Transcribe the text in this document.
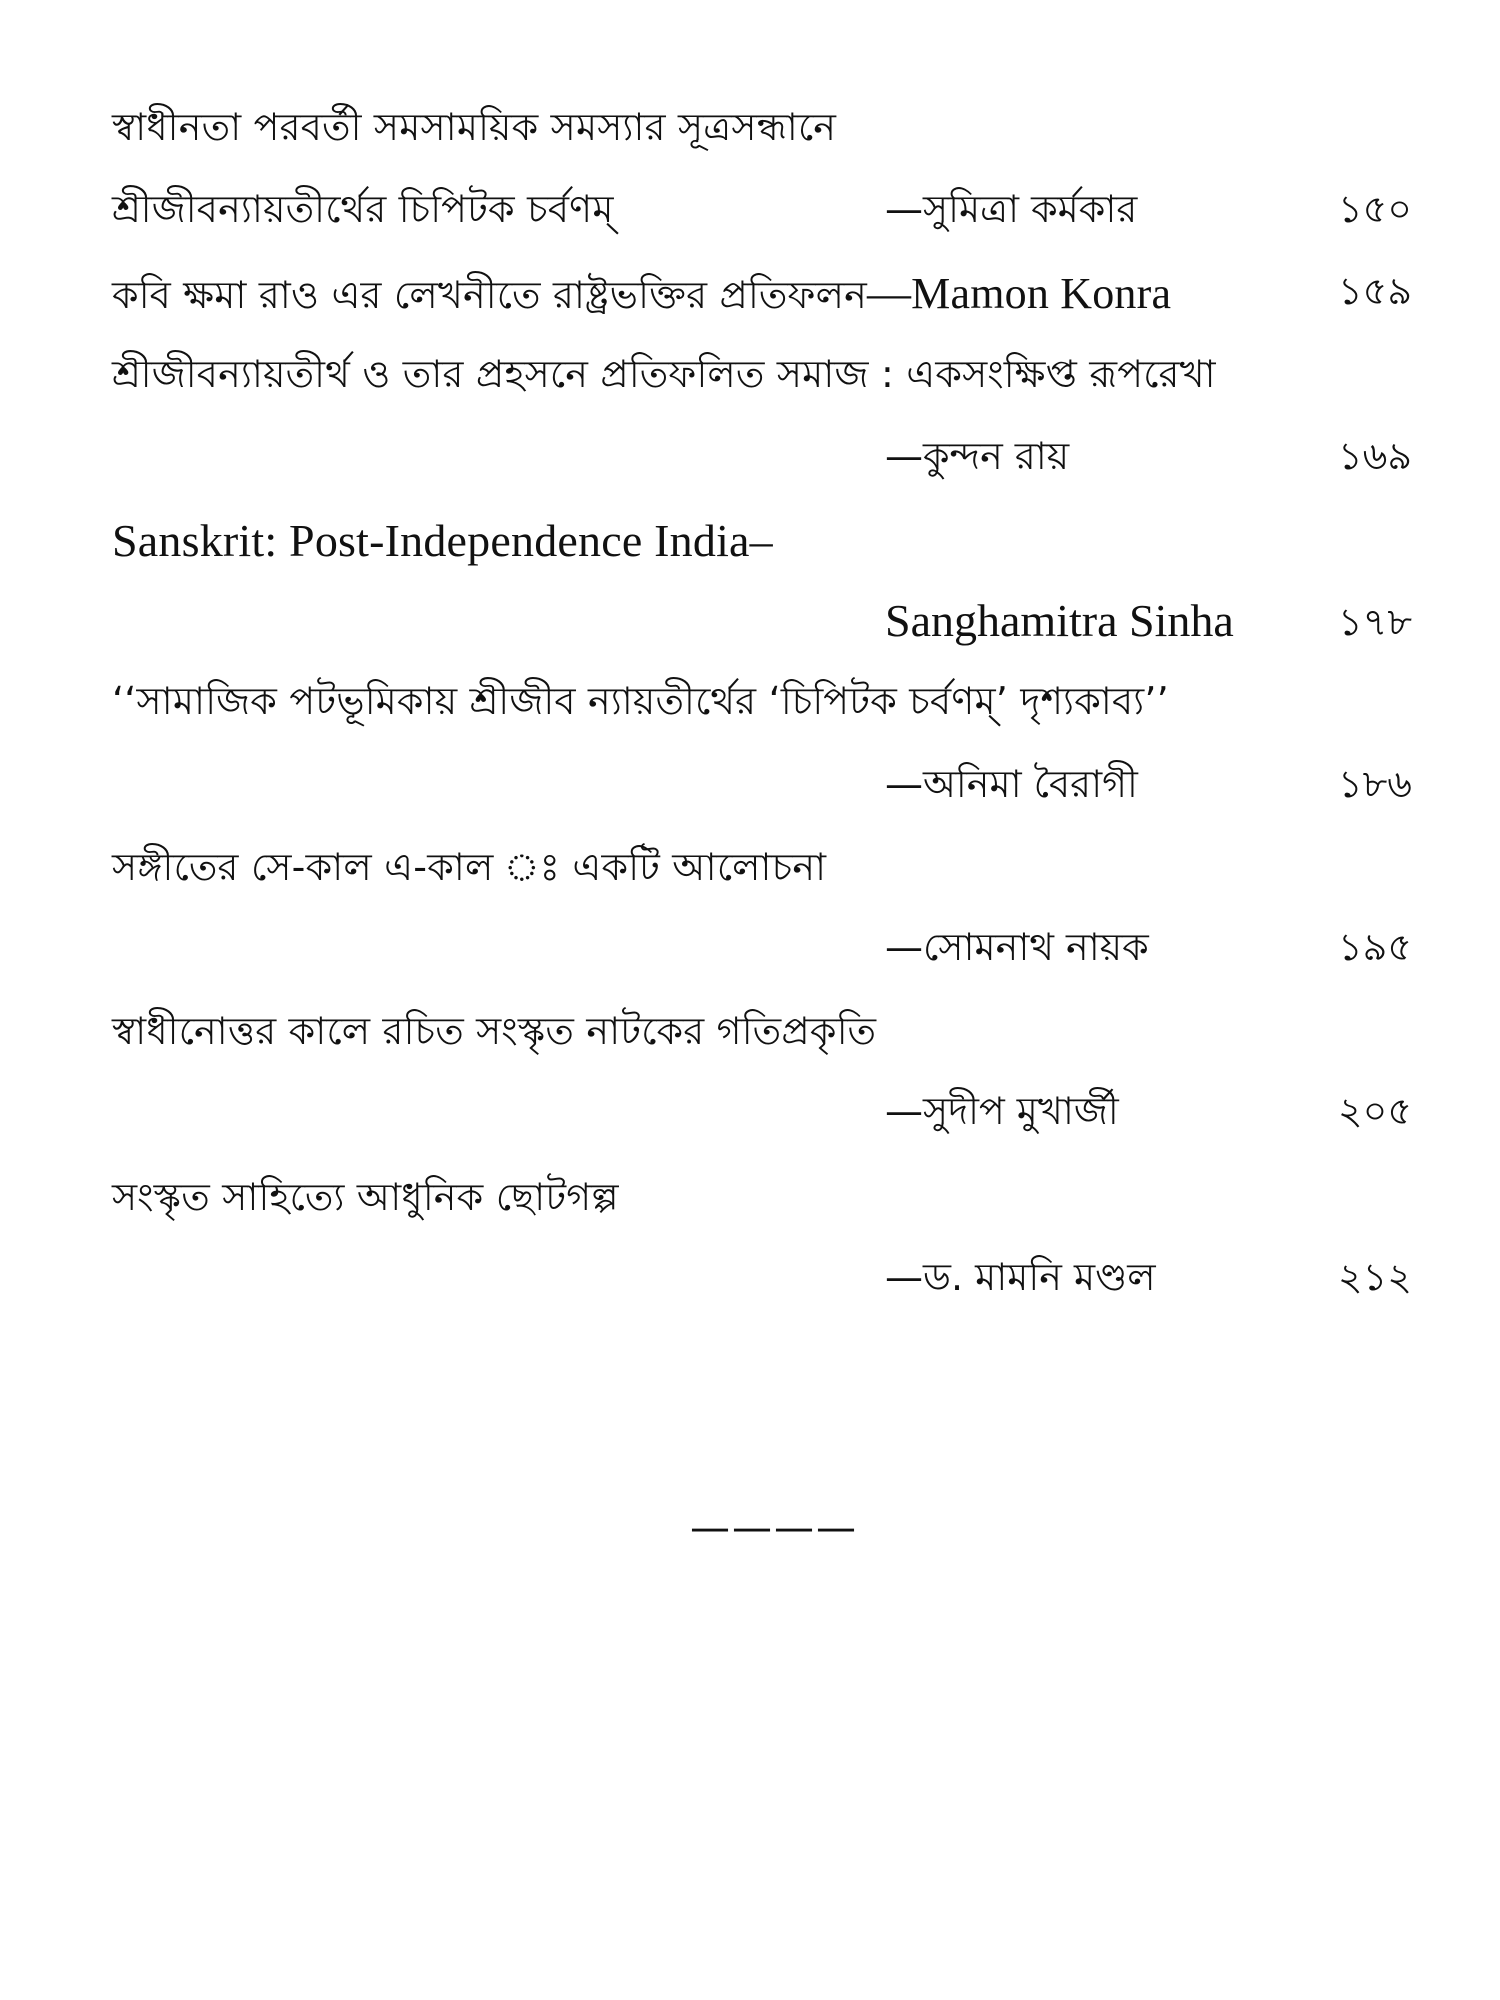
স্বাধীনতা পরবর্তী সমসাময়িক সমস্যার সূত্রসন্ধানে
শ্রীজীবন্যায়তীর্থের চিপিটক চর্বণম্	—সুমিত্রা কর্মকার	১৫০
কবি ক্ষমা রাও এর লেখনীতে রাষ্ট্রভক্তির প্রতিফলন—Mamon Konra	১৫৯
শ্রীজীবন্যায়তীর্থ ও তার প্রহসনে প্রতিফলিত সমাজ : একসংক্ষিপ্ত রূপরেখা
—কুন্দন রায়	১৬৯
Sanskrit: Post-Independence India–
Sanghamitra Sinha	১৭৮
‘‘সামাজিক পটভূমিকায় শ্রীজীব ন্যায়তীর্থের ‘চিপিটক চর্বণম্’ দৃশ্যকাব্য’’
—অনিমা বৈরাগী	১৮৬
সঙ্গীতের সে-কাল এ-কাল ঃ একটি আলোচনা
—সোমনাথ নায়ক	১৯৫
স্বাধীনোত্তর কালে রচিত সংস্কৃত নাটকের গতিপ্রকৃতি
—সুদীপ মুখার্জী	২০৫
সংস্কৃত সাহিত্যে আধুনিক ছোটগল্প
—ড. মামনি মণ্ডল	২১২
————
